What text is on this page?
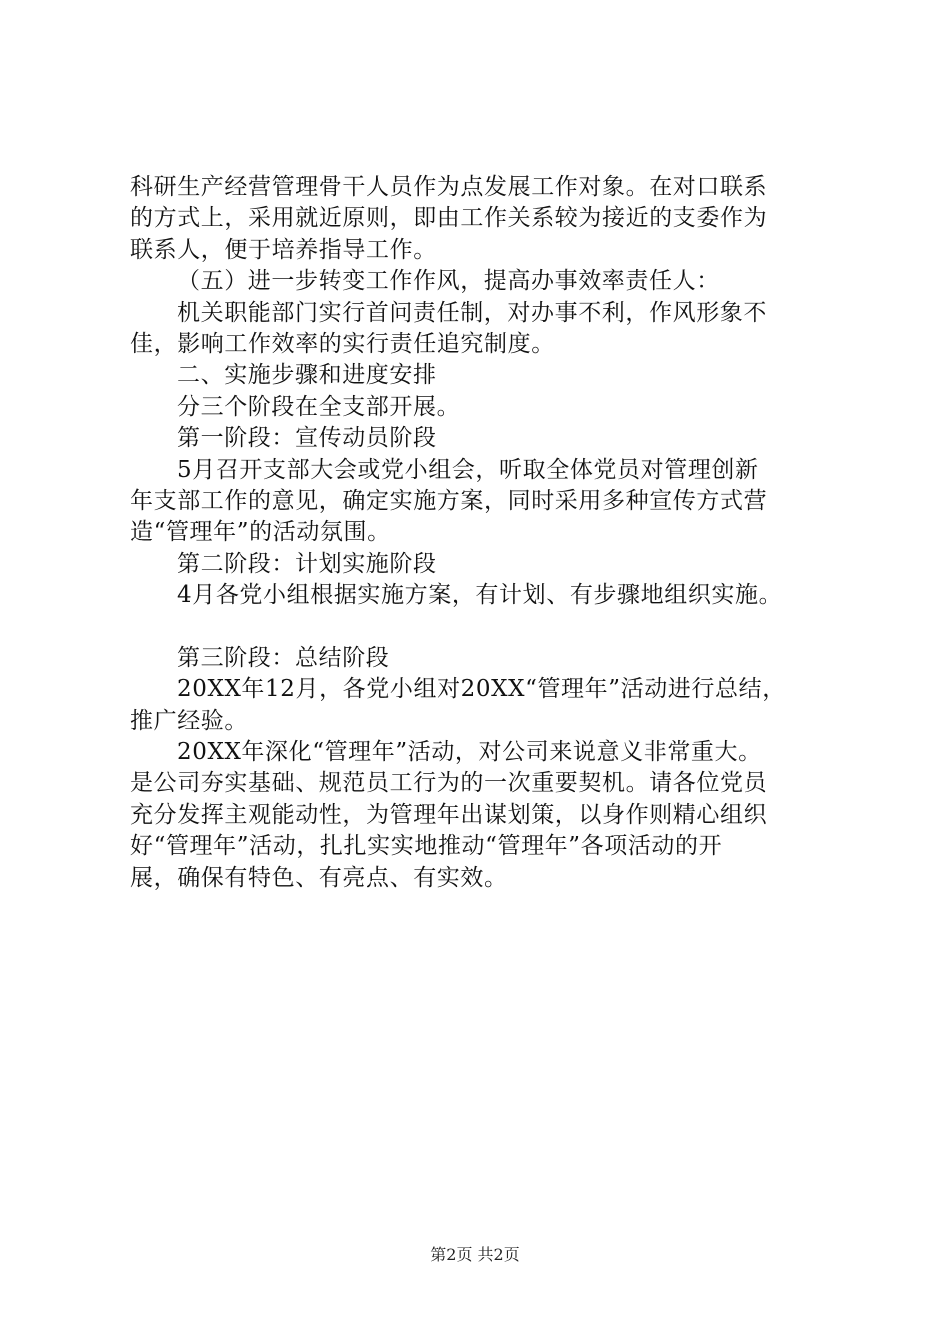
科研生产经营管理骨干人员作为点发展工作对象。在对口联系
的方式上，采用就近原则，即由工作关系较为接近的支委作为
联系人，便于培养指导工作。
（五）进一步转变工作作风，提高办事效率责任人：
机关职能部门实行首问责任制，对办事不利，作风形象不
佳，影响工作效率的实行责任追究制度。
二、实施步骤和进度安排
分三个阶段在全支部开展。
第一阶段：宣传动员阶段
5月召开支部大会或党小组会，听取全体党员对管理创新
年支部工作的意见，确定实施方案，同时采用多种宣传方式营
造“管理年”的活动氛围。
第二阶段：计划实施阶段
4月各党小组根据实施方案，有计划、有步骤地组织实施。
第三阶段：总结阶段
20XX年12月，各党小组对20XX“管理年”活动进行总结，
推广经验。
20XX年深化“管理年”活动，对公司来说意义非常重大。
是公司夯实基础、规范员工行为的一次重要契机。请各位党员
充分发挥主观能动性，为管理年出谋划策，以身作则精心组织
好“管理年”活动，扎扎实实地推动“管理年”各项活动的开
展，确保有特色、有亮点、有实效。
第2页 共2页
